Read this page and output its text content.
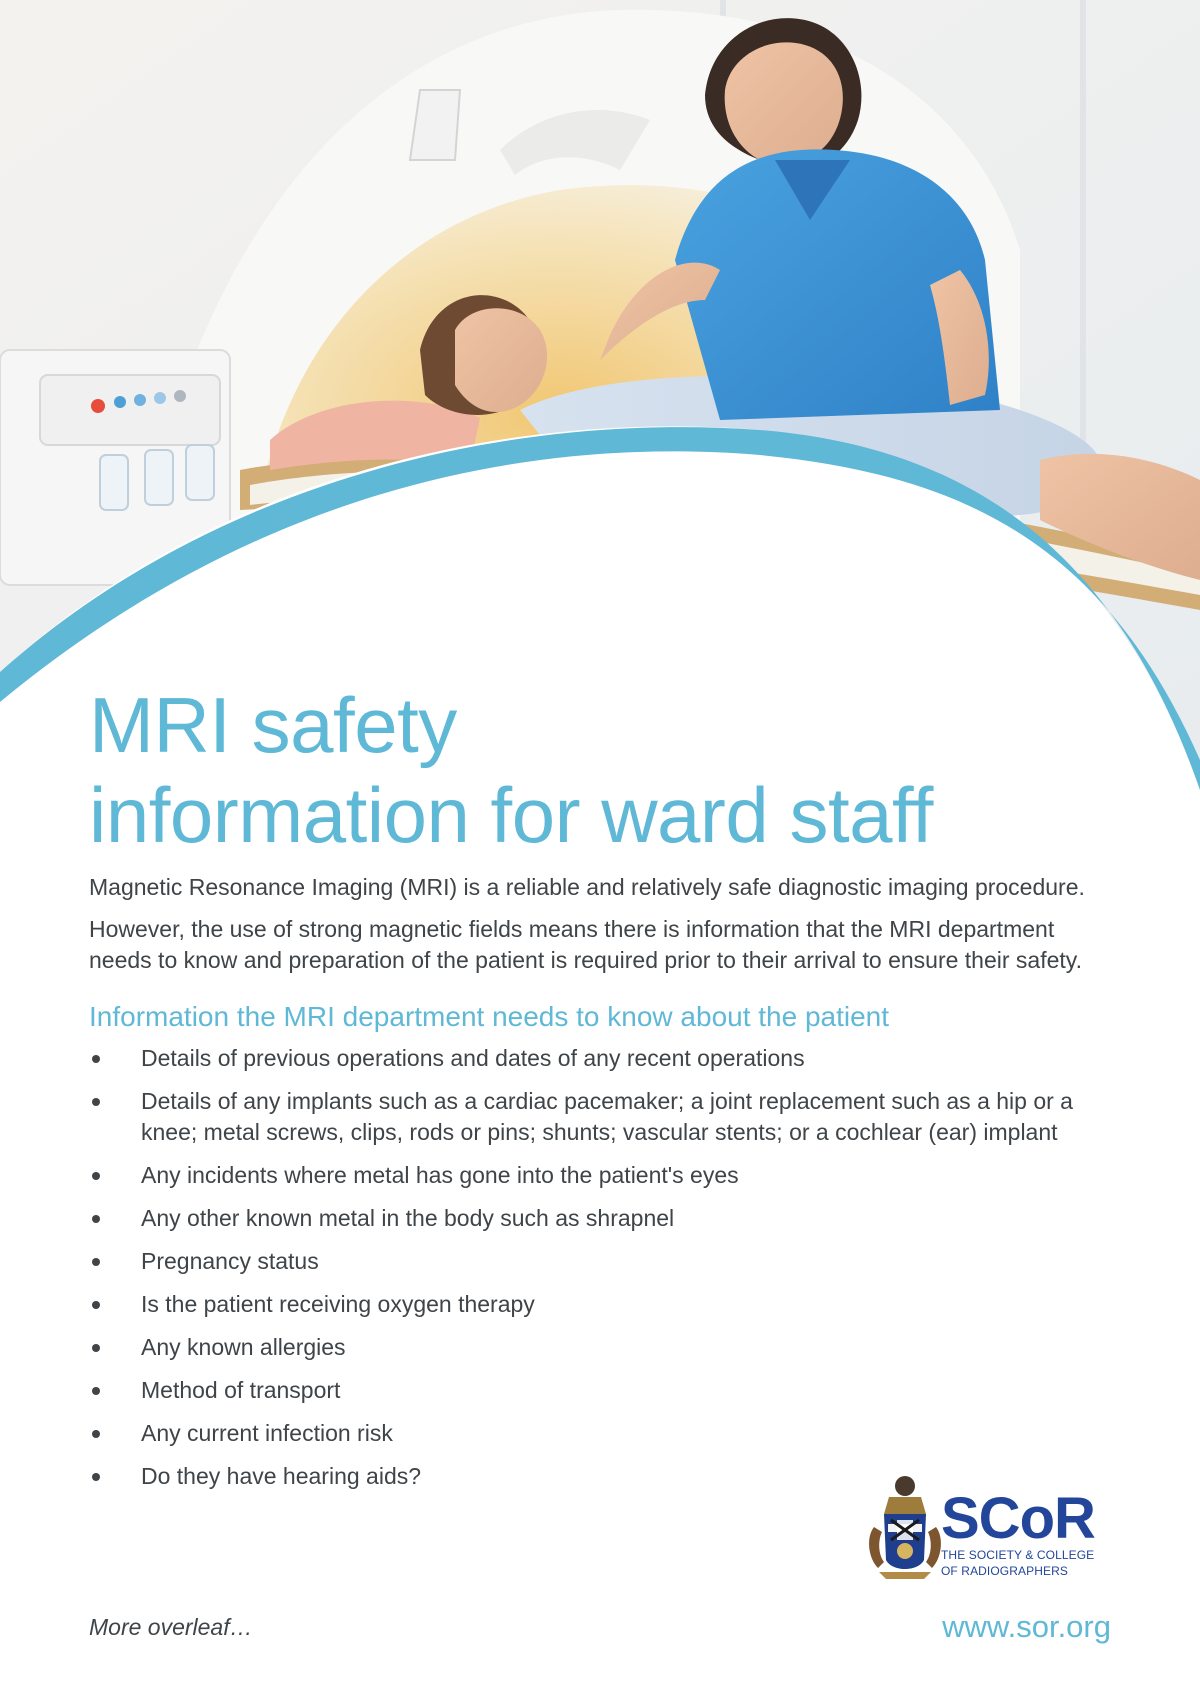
MRI safety
information for ward staff

Magnetic Resonance Imaging (MRI) is a reliable and relatively safe diagnostic imaging procedure.

However, the use of strong magnetic fields means there is information that the MRI department needs to know and preparation of the patient is required prior to their arrival to ensure their safety.

Information the MRI department needs to know about the patient
Details of previous operations and dates of any recent operations
Details of any implants such as a cardiac pacemaker; a joint replacement such as a hip or a knee; metal screws, clips, rods or pins; shunts; vascular stents; or a cochlear (ear) implant
Any incidents where metal has gone into the patient's eyes
Any other known metal in the body such as shrapnel
Pregnancy status
Is the patient receiving oxygen therapy
Any known allergies
Method of transport
Any current infection risk
Do they have hearing aids?
SCoR
THE SOCIETY & COLLEGE
OF RADIOGRAPHERS
More overleaf…	www.sor.org
